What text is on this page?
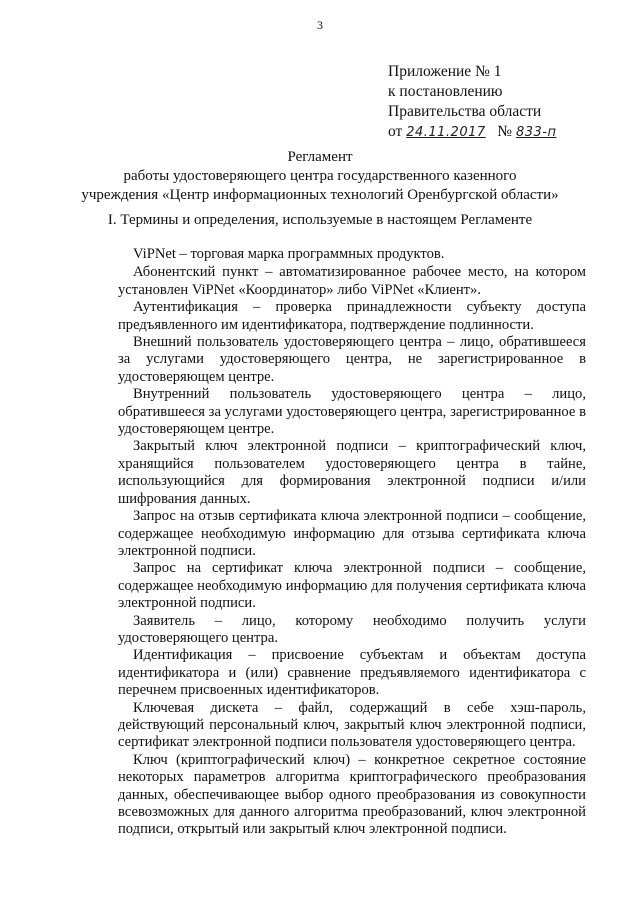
3
Приложение № 1
к постановлению
Правительства области
от 24.11.2017 № 833-п
Регламент
работы удостоверяющего центра государственного казенного
учреждения «Центр информационных технологий Оренбургской области»
I. Термины и определения, используемые в настоящем Регламенте

ViPNet – торговая марка программных продуктов.

Абонентский пункт – автоматизированное рабочее место, на котором установлен ViPNet «Координатор» либо ViPNet «Клиент».

Аутентификация – проверка принадлежности субъекту доступа предъявленного им идентификатора, подтверждение подлинности.

Внешний пользователь удостоверяющего центра – лицо, обратившееся за услугами удостоверяющего центра, не зарегистрированное в удостоверяющем центре.

Внутренний пользователь удостоверяющего центра – лицо, обратившееся за услугами удостоверяющего центра, зарегистрированное в удостоверяющем центре.

Закрытый ключ электронной подписи – криптографический ключ, хранящийся пользователем удостоверяющего центра в тайне, использующийся для формирования электронной подписи и/или шифрования данных.

Запрос на отзыв сертификата ключа электронной подписи – сообщение, содержащее необходимую информацию для отзыва сертификата ключа электронной подписи.

Запрос на сертификат ключа электронной подписи – сообщение, содержащее необходимую информацию для получения сертификата ключа электронной подписи.

Заявитель – лицо, которому необходимо получить услуги удостоверяющего центра.

Идентификация – присвоение субъектам и объектам доступа идентификатора и (или) сравнение предъявляемого идентификатора с перечнем присвоенных идентификаторов.

Ключевая дискета – файл, содержащий в себе хэш-пароль, действующий персональный ключ, закрытый ключ электронной подписи, сертификат электронной подписи пользователя удостоверяющего центра.

Ключ (криптографический ключ) – конкретное секретное состояние некоторых параметров алгоритма криптографического преобразования данных, обеспечивающее выбор одного преобразования из совокупности всевозможных для данного алгоритма преобразований, ключ электронной подписи, открытый или закрытый ключ электронной подписи.
